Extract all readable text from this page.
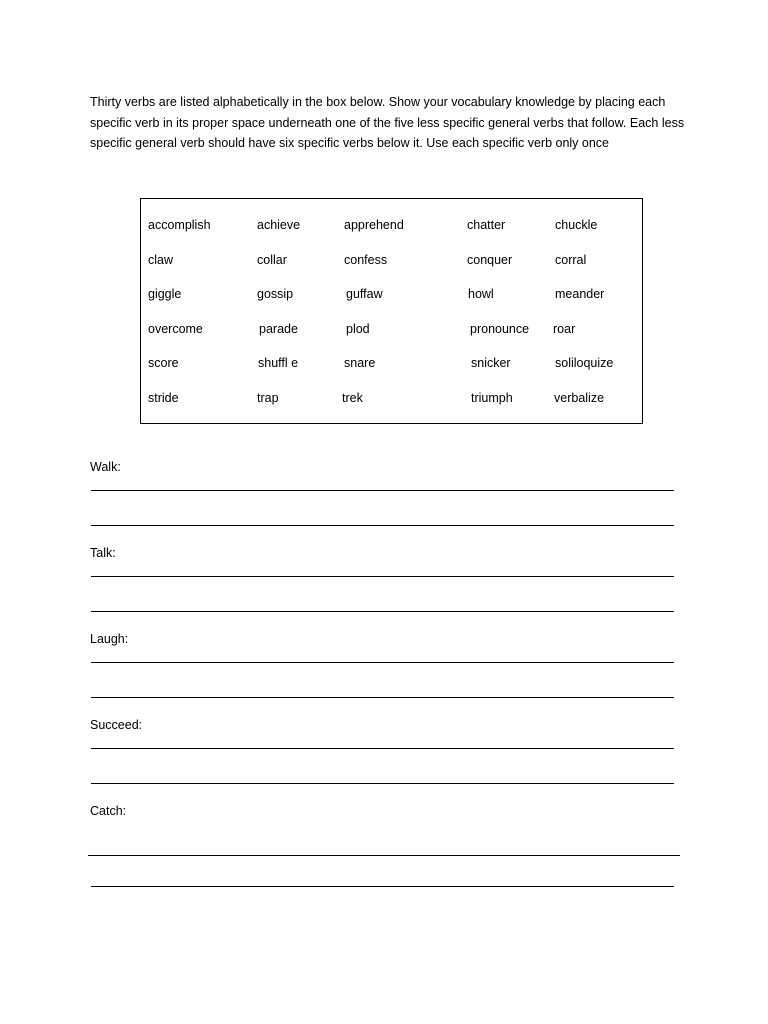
Thirty verbs are listed alphabetically in the box below. Show your vocabulary knowledge by placing each specific verb in its proper space underneath one of the five less specific general verbs that follow. Each less specific general verb should have six specific verbs below it. Use each specific verb only once

accomplish	achieve	apprehend	chatter	chuckle
claw	collar	confess	conquer	corral
giggle	gossip	guffaw	howl	meander
overcome	parade	plod	pronounce roar
score	shuffl e	snare	snicker	soliloquize
stride	trap	trek	triumph	verbalize

Walk:

Talk:

Laugh:

Succeed:

Catch:
